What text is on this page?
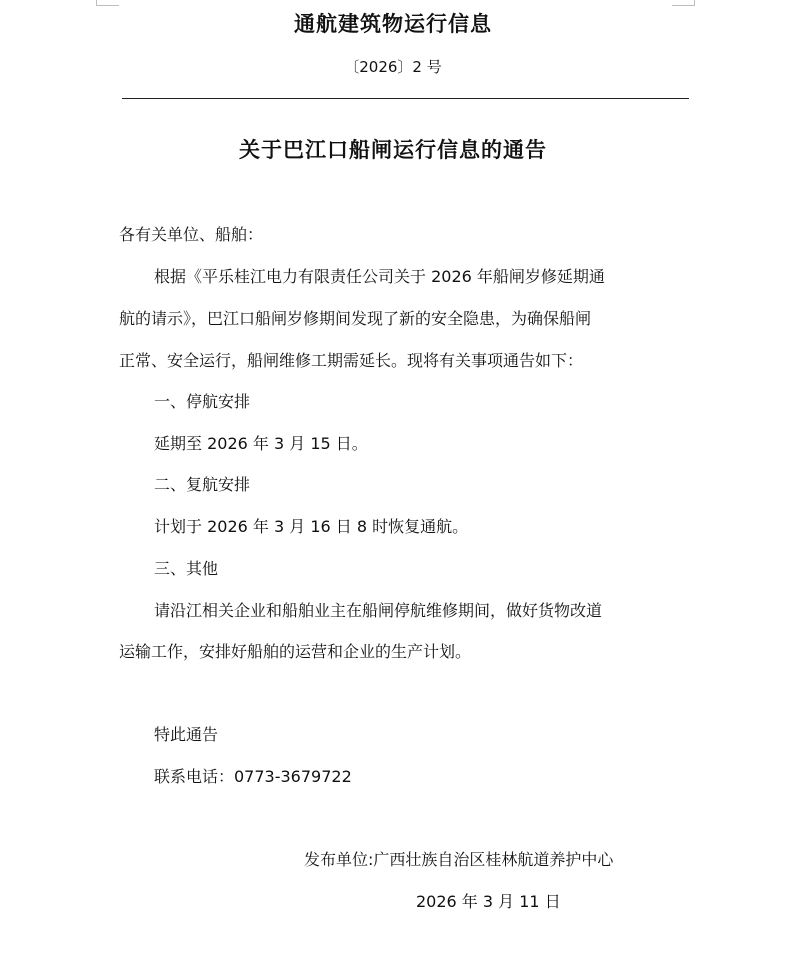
通航建筑物运行信息
〔2026〕2 号
关于巴江口船闸运行信息的通告
各有关单位、船舶：
根据《平乐桂江电力有限责任公司关于 2026 年船闸岁修延期通
航的请示》，巴江口船闸岁修期间发现了新的安全隐患，为确保船闸
正常、安全运行，船闸维修工期需延长。现将有关事项通告如下：
一、停航安排
延期至 2026 年 3 月 15 日。
二、复航安排
计划于 2026 年 3 月 16 日 8 时恢复通航。
三、其他
请沿江相关企业和船舶业主在船闸停航维修期间，做好货物改道
运输工作，安排好船舶的运营和企业的生产计划。
特此通告
联系电话：0773-3679722
发布单位:广西壮族自治区桂林航道养护中心
2026 年 3 月 11 日
